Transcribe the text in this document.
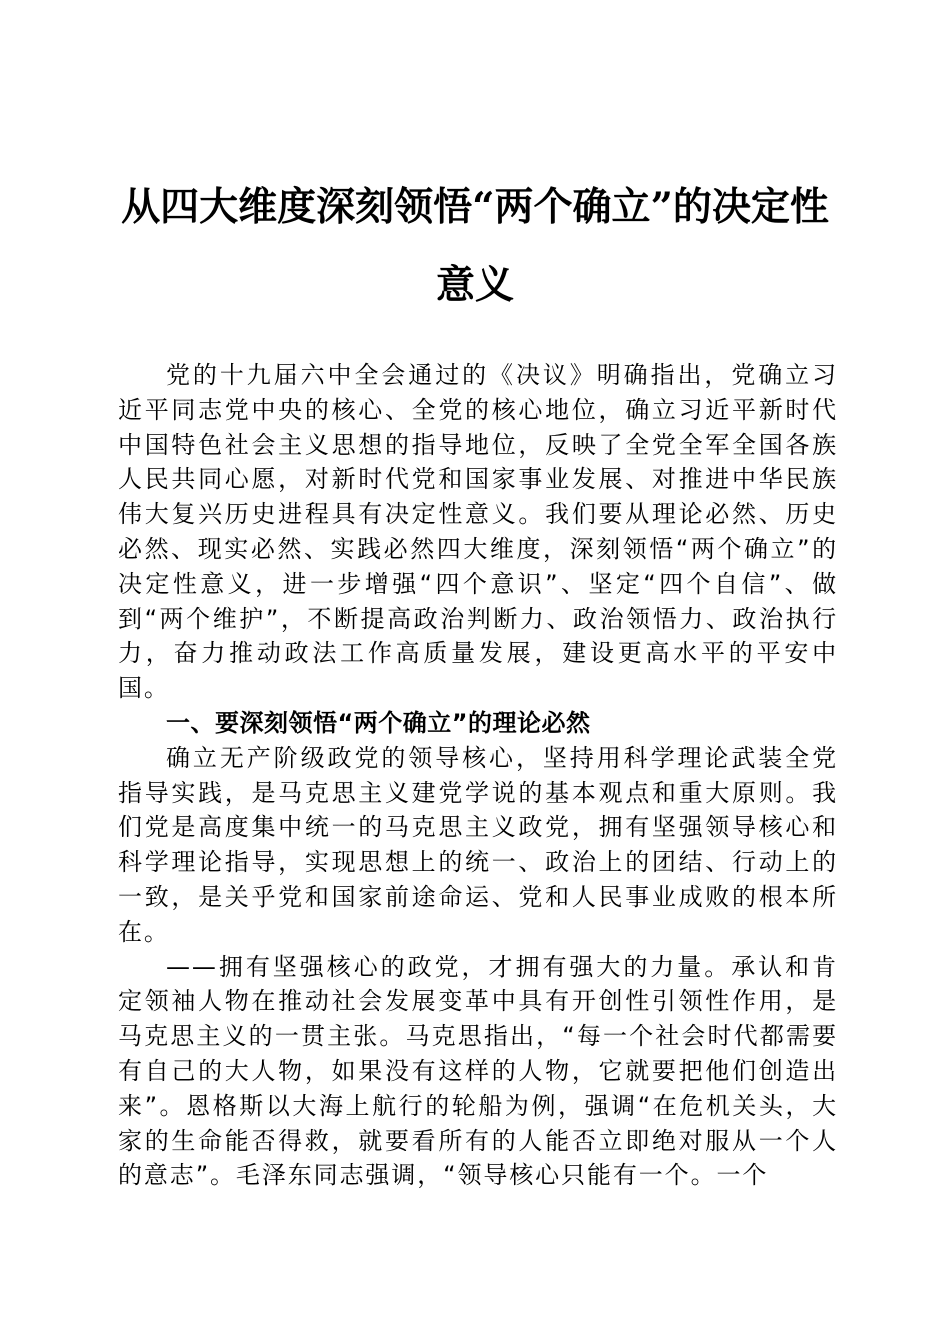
从四大维度深刻领悟“两个确立”的决定性意义

党的十九届六中全会通过的《决议》明确指出，党确立习近平同志党中央的核心、全党的核心地位，确立习近平新时代中国特色社会主义思想的指导地位，反映了全党全军全国各族人民共同心愿，对新时代党和国家事业发展、对推进中华民族伟大复兴历史进程具有决定性意义。我们要从理论必然、历史必然、现实必然、实践必然四大维度，深刻领悟“两个确立”的决定性意义，进一步增强“四个意识”、坚定“四个自信”、做到“两个维护”，不断提高政治判断力、政治领悟力、政治执行力，奋力推动政法工作高质量发展，建设更高水平的平安中国。

一、要深刻领悟“两个确立”的理论必然

确立无产阶级政党的领导核心，坚持用科学理论武装全党指导实践，是马克思主义建党学说的基本观点和重大原则。我们党是高度集中统一的马克思主义政党，拥有坚强领导核心和科学理论指导，实现思想上的统一、政治上的团结、行动上的一致，是关乎党和国家前途命运、党和人民事业成败的根本所在。

——拥有坚强核心的政党，才拥有强大的力量。承认和肯定领袖人物在推动社会发展变革中具有开创性引领性作用，是马克思主义的一贯主张。马克思指出，“每一个社会时代都需要有自己的大人物，如果没有这样的人物，它就要把他们创造出来”。恩格斯以大海上航行的轮船为例，强调“在危机关头，大家的生命能否得救，就要看所有的人能否立即绝对服从一个人的意志”。毛泽东同志强调，“领导核心只能有一个。一个
